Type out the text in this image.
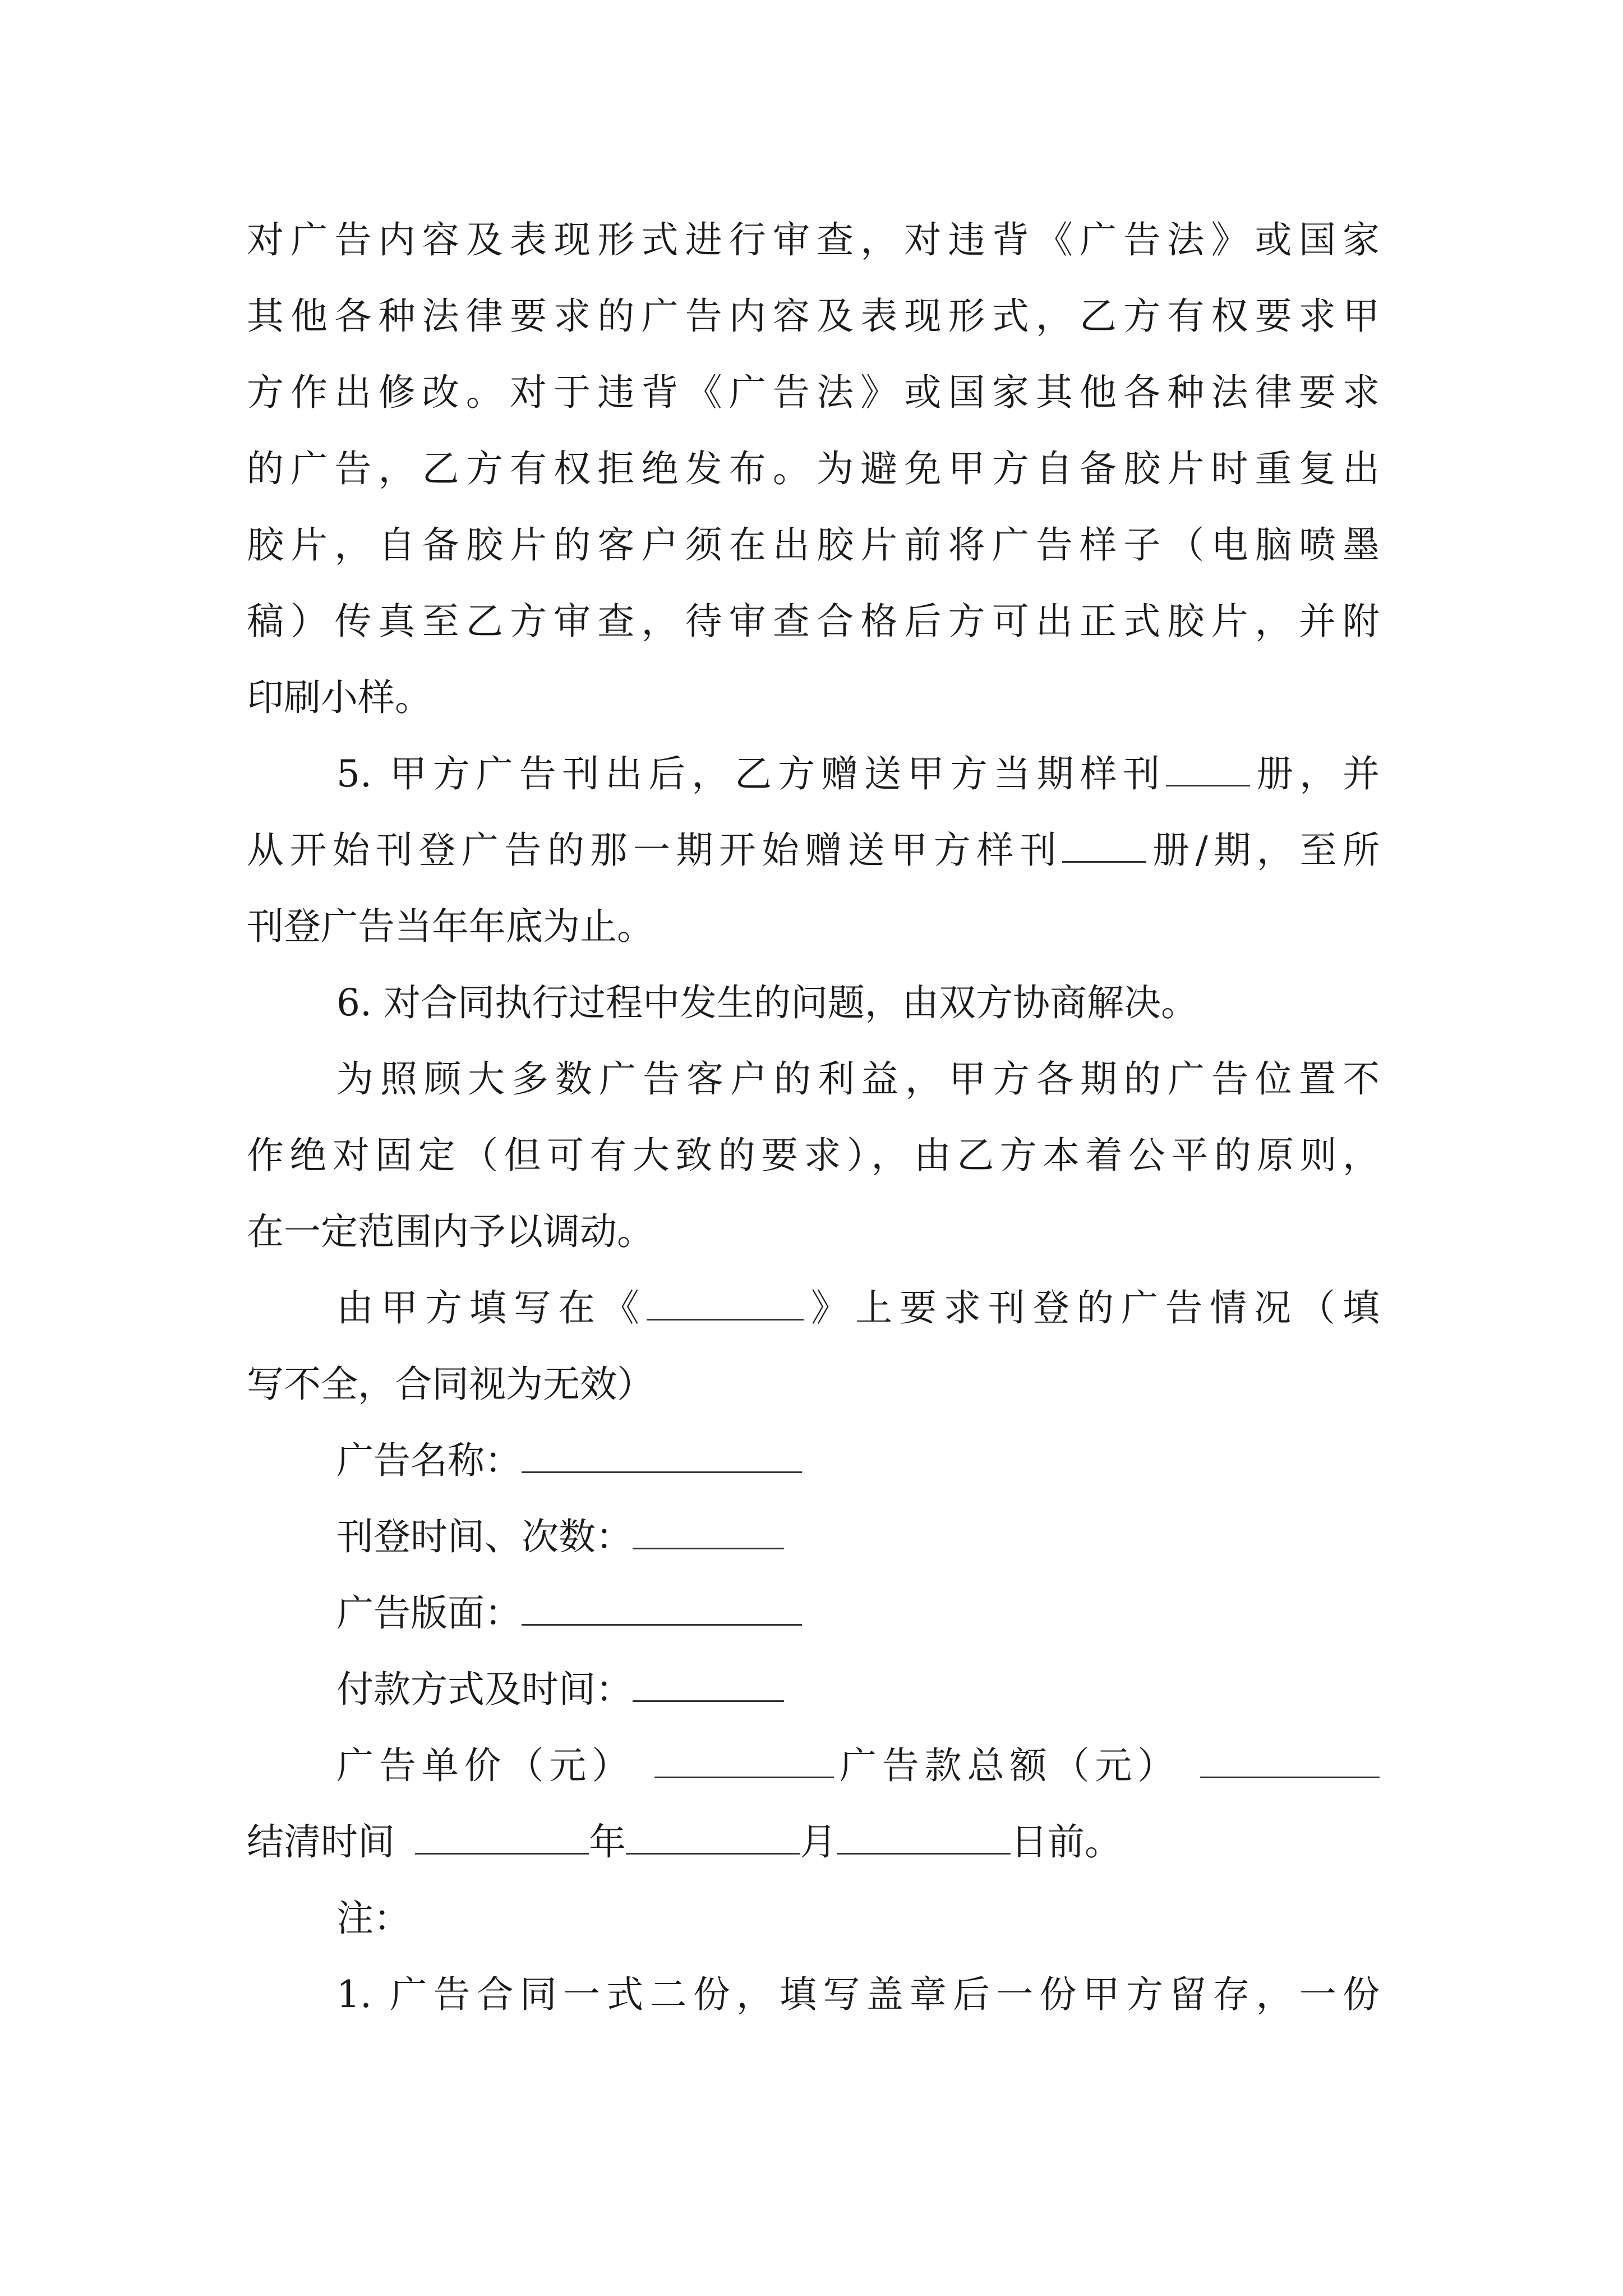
对广告内容及表现形式进行审查，对违背《广告法》或国家
其他各种法律要求的广告内容及表现形式，乙方有权要求甲
方作出修改。对于违背《广告法》或国家其他各种法律要求
的广告，乙方有权拒绝发布。为避免甲方自备胶片时重复出
胶片，自备胶片的客户须在出胶片前将广告样子（电脑喷墨
稿）传真至乙方审查，待审查合格后方可出正式胶片，并附
印刷小样。
5. 甲方广告刊出后，乙方赠送甲方当期样刊 册，并
从开始刊登广告的那一期开始赠送甲方样刊 册/期，至所
刊登广告当年年底为止。
6. 对合同执行过程中发生的问题，由双方协商解决。
为照顾大多数广告客户的利益，甲方各期的广告位置不
作绝对固定（但可有大致的要求），由乙方本着公平的原则，
在一定范围内予以调动。
由甲方填写在《	》上要求刊登的广告情况（填
写不全，合同视为无效）
广告名称：
刊登时间、次数：
广告版面：
付款方式及时间：
广告单价（元）	广告款总额（元）
结清时间	年	月	日前。
注：
1. 广告合同一式二份，填写盖章后一份甲方留存，一份
